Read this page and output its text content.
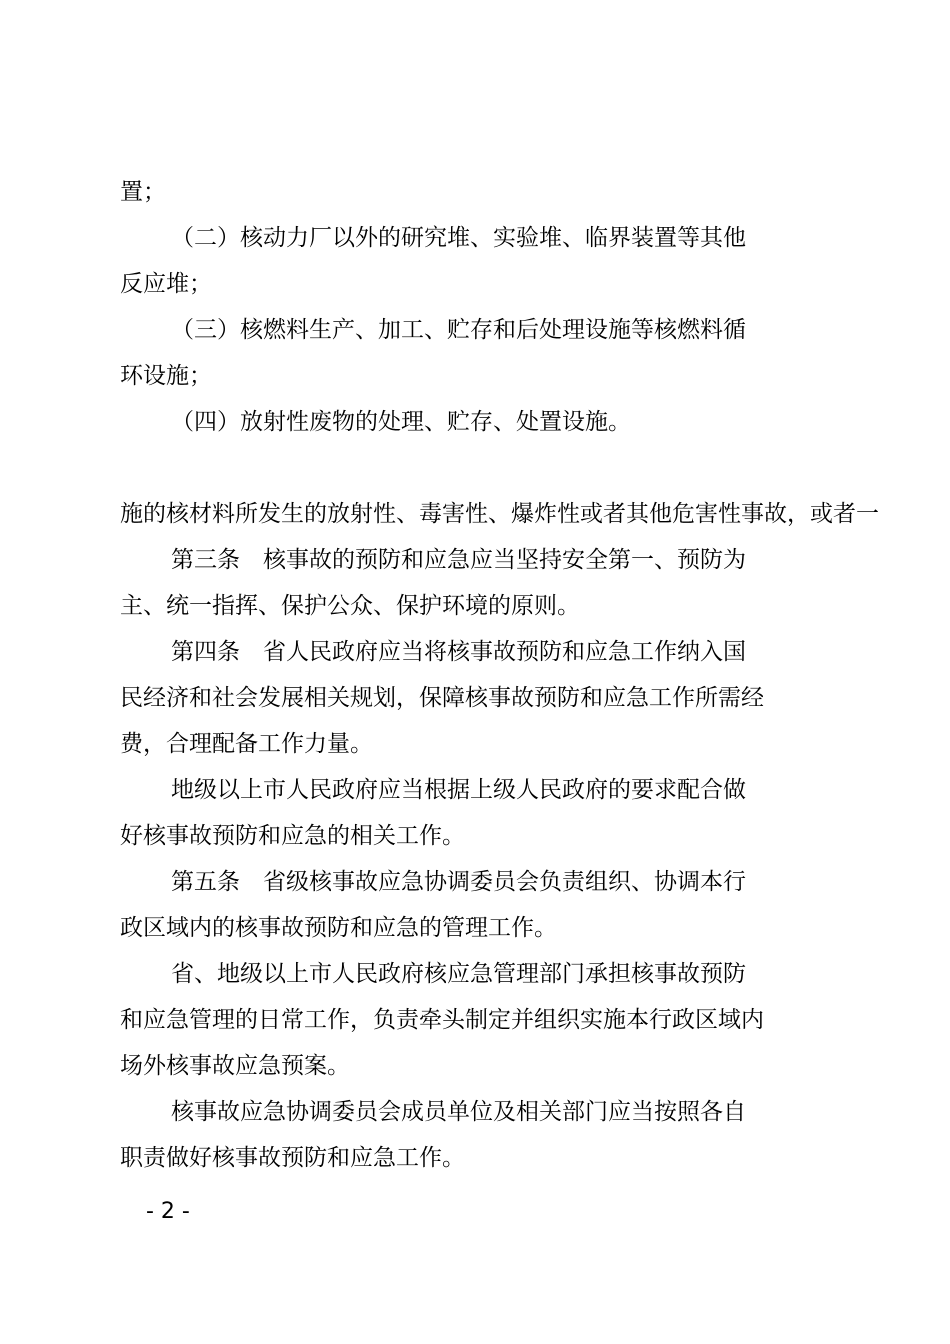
置；

（二）核动力厂以外的研究堆、实验堆、临界装置等其他

反应堆；

（三）核燃料生产、加工、贮存和后处理设施等核燃料循

环设施；

（四）放射性废物的处理、贮存、处置设施。

施的核材料所发生的放射性、毒害性、爆炸性或者其他危害性事故，或者一

第三条　核事故的预防和应急应当坚持安全第一、预防为

主、统一指挥、保护公众、保护环境的原则。

第四条　省人民政府应当将核事故预防和应急工作纳入国

民经济和社会发展相关规划，保障核事故预防和应急工作所需经

费，合理配备工作力量。

地级以上市人民政府应当根据上级人民政府的要求配合做

好核事故预防和应急的相关工作。

第五条　省级核事故应急协调委员会负责组织、协调本行

政区域内的核事故预防和应急的管理工作。

省、地级以上市人民政府核应急管理部门承担核事故预防

和应急管理的日常工作，负责牵头制定并组织实施本行政区域内

场外核事故应急预案。

核事故应急协调委员会成员单位及相关部门应当按照各自

职责做好核事故预防和应急工作。

- 2 -
